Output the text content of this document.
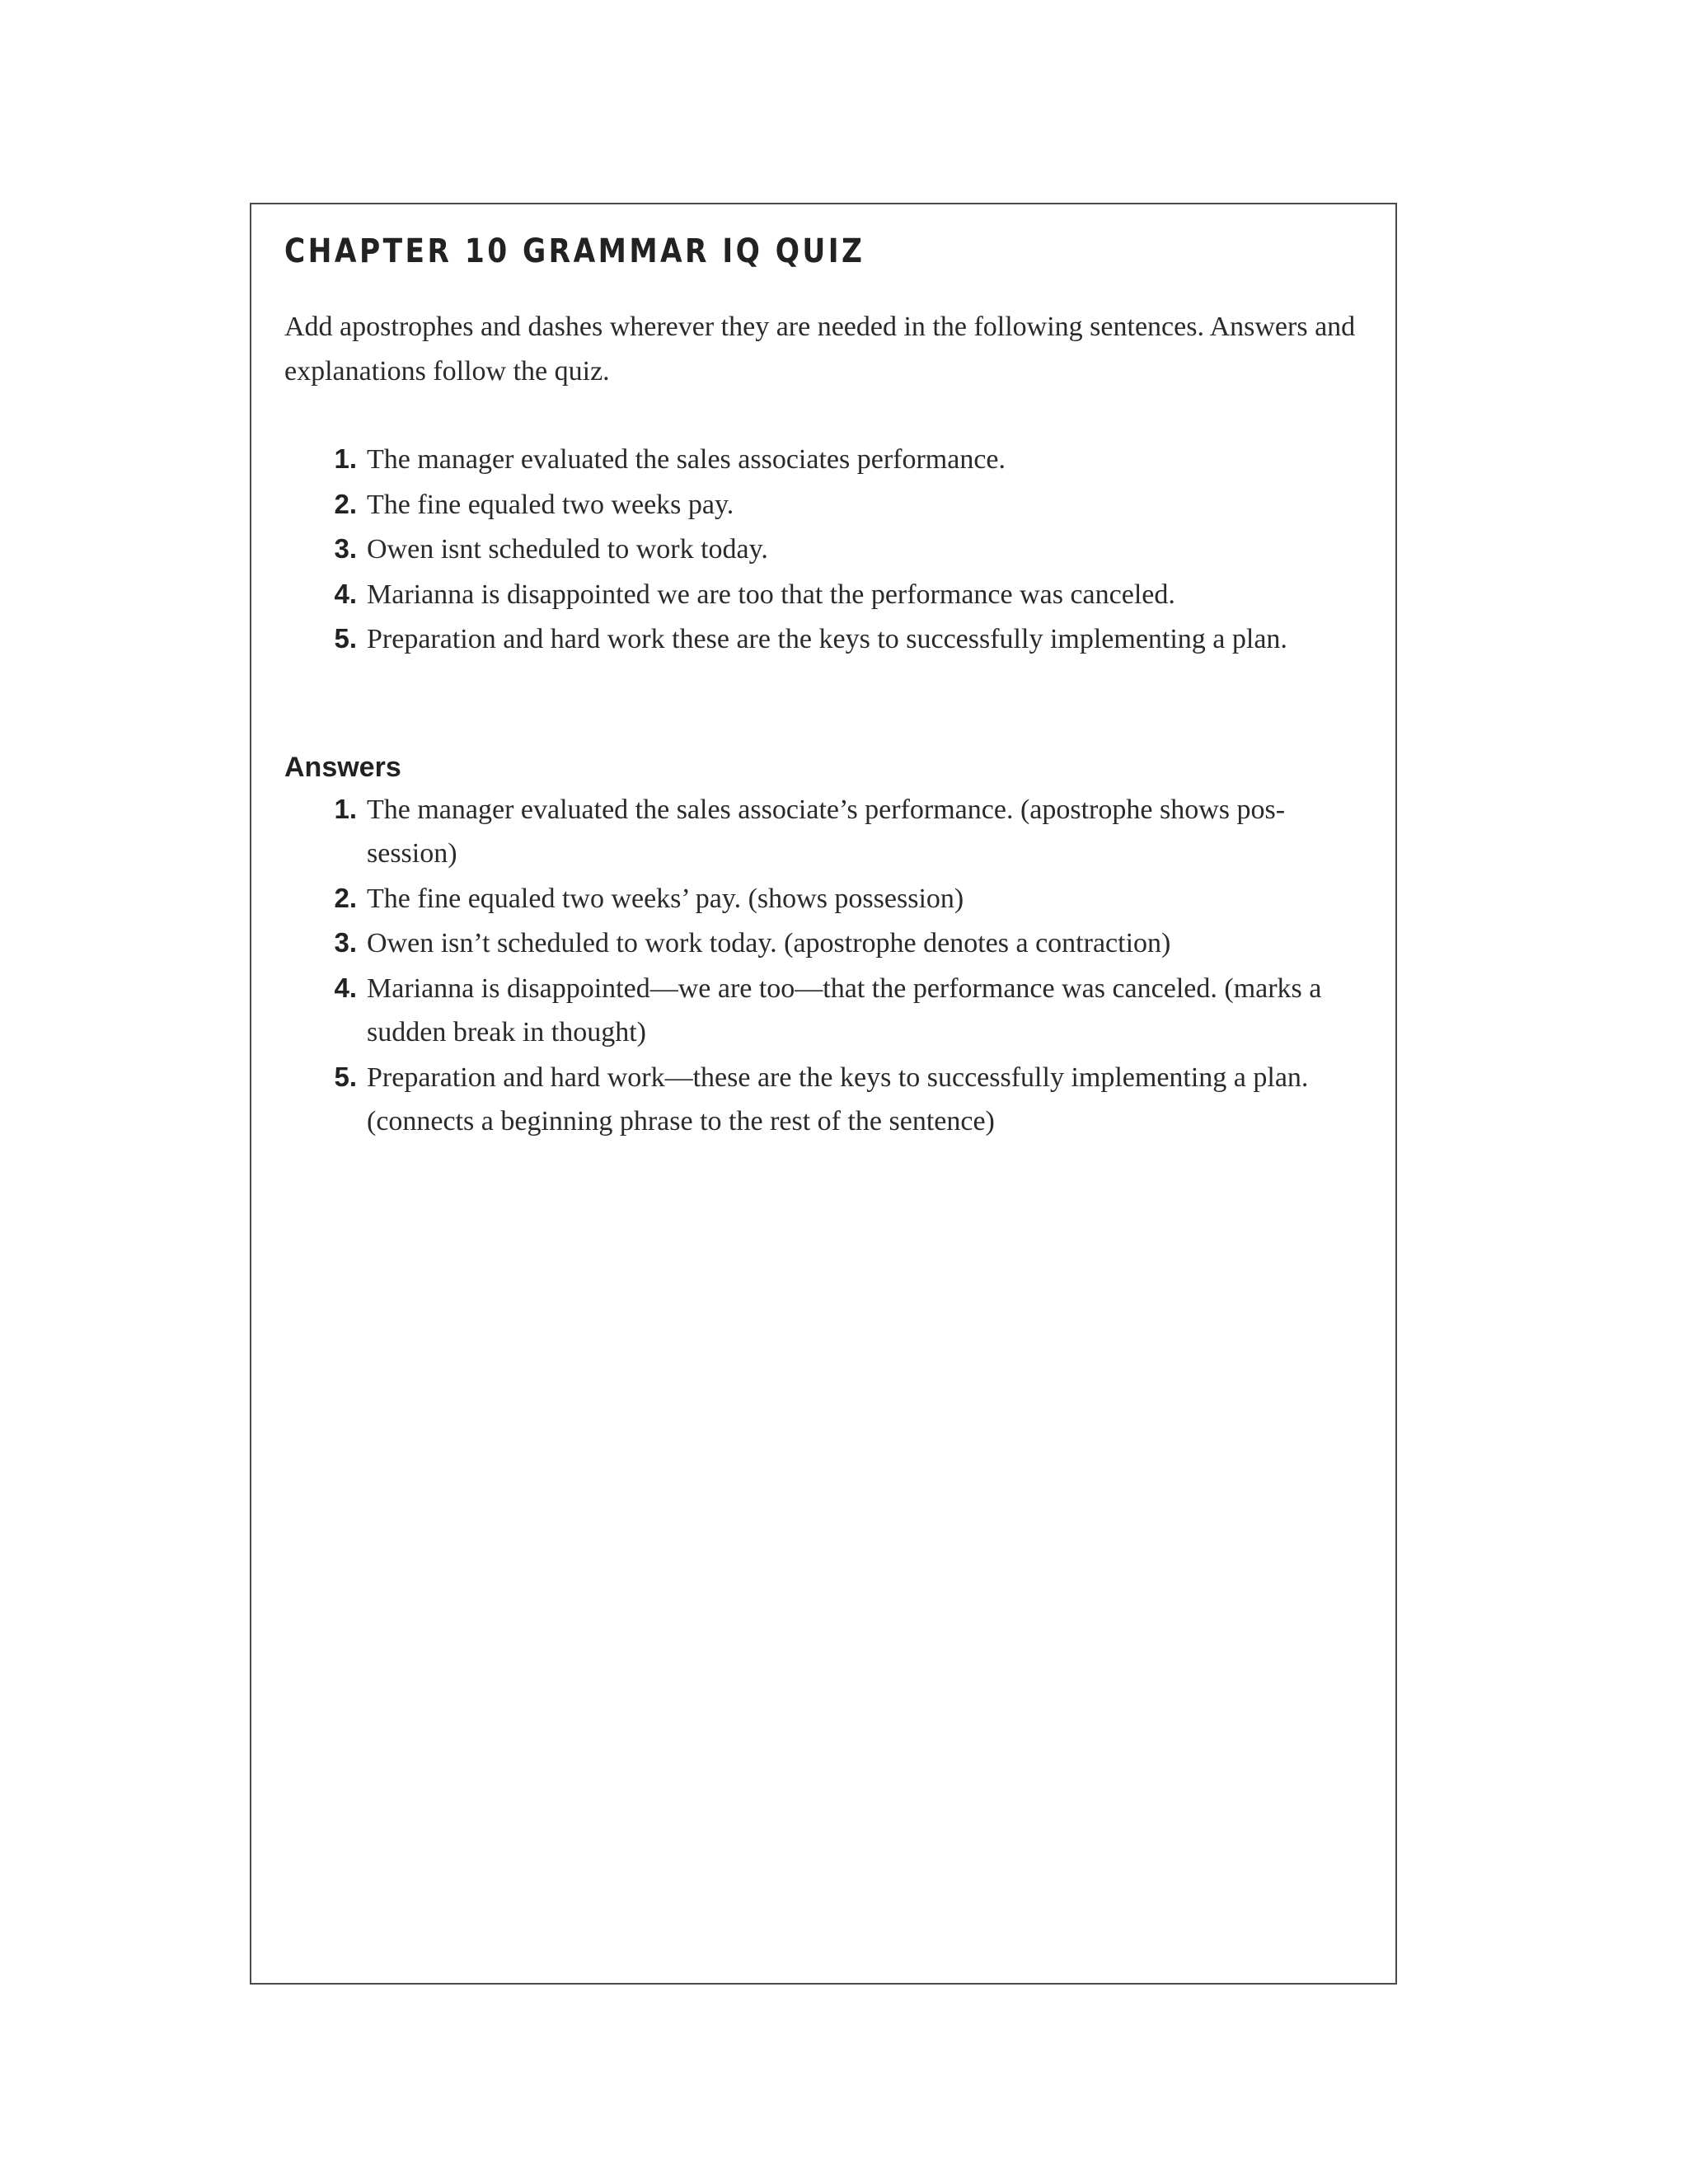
CHAPTER 10 GRAMMAR IQ QUIZ

Add apostrophes and dashes wherever they are needed in the following sentences. Answers and explanations follow the quiz.

1. The manager evaluated the sales associates performance.
2. The fine equaled two weeks pay.
3. Owen isnt scheduled to work today.
4. Marianna is disappointed we are too that the performance was canceled.
5. Preparation and hard work these are the keys to successfully implementing a plan.
Answers
1. The manager evaluated the sales associate’s performance. (apostrophe shows pos-session)
2. The fine equaled two weeks’ pay. (shows possession)
3. Owen isn’t scheduled to work today. (apostrophe denotes a contraction)
4. Marianna is disappointed—we are too—that the performance was canceled. (marks a sudden break in thought)
5. Preparation and hard work—these are the keys to successfully implementing a plan. (connects a beginning phrase to the rest of the sentence)
